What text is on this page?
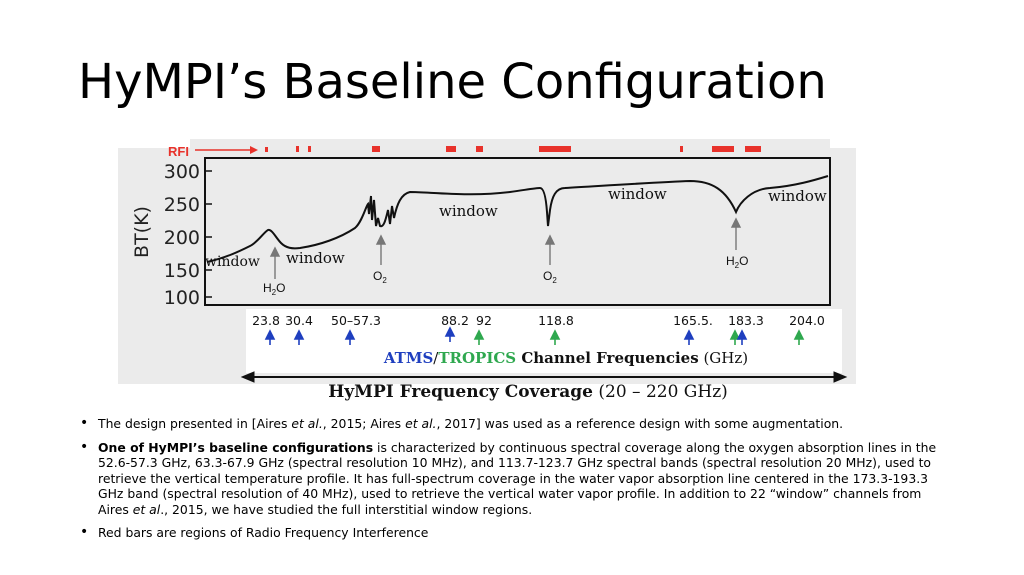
HyMPI’s Baseline Configuration
RFI
BT(K)
300
250
200
150
100	$H_2O$
$O_2$	$O_2$
$H_2O$
window window
window
window	window
23.8 30.4 50–57.3	88.2 92	118.8	165.5. 183.3 204.0
ATMS/TROPICS Channel Frequencies (GHz)
HyMPI Frequency Coverage (20 – 220 GHz)
• The design presented in [Aires et al., 2015; Aires et al., 2017] was used as a reference design with some augmentation.
• One of HyMPI’s baseline configurations is characterized by continuous spectral coverage along the oxygen absorption lines in the 52.6-57.3 GHz, 63.3-67.9 GHz (spectral resolution 10 MHz), and 113.7-123.7 GHz spectral bands (spectral resolution 20 MHz), used to retrieve the vertical temperature profile. It has full-spectrum coverage in the water vapor absorption line centered in the 173.3-193.3 GHz band (spectral resolution of 40 MHz), used to retrieve the vertical water vapor profile. In addition to 22 “window” channels from Aires et al., 2015, we have studied the full interstitial window regions.
• Red bars are regions of Radio Frequency Interference
